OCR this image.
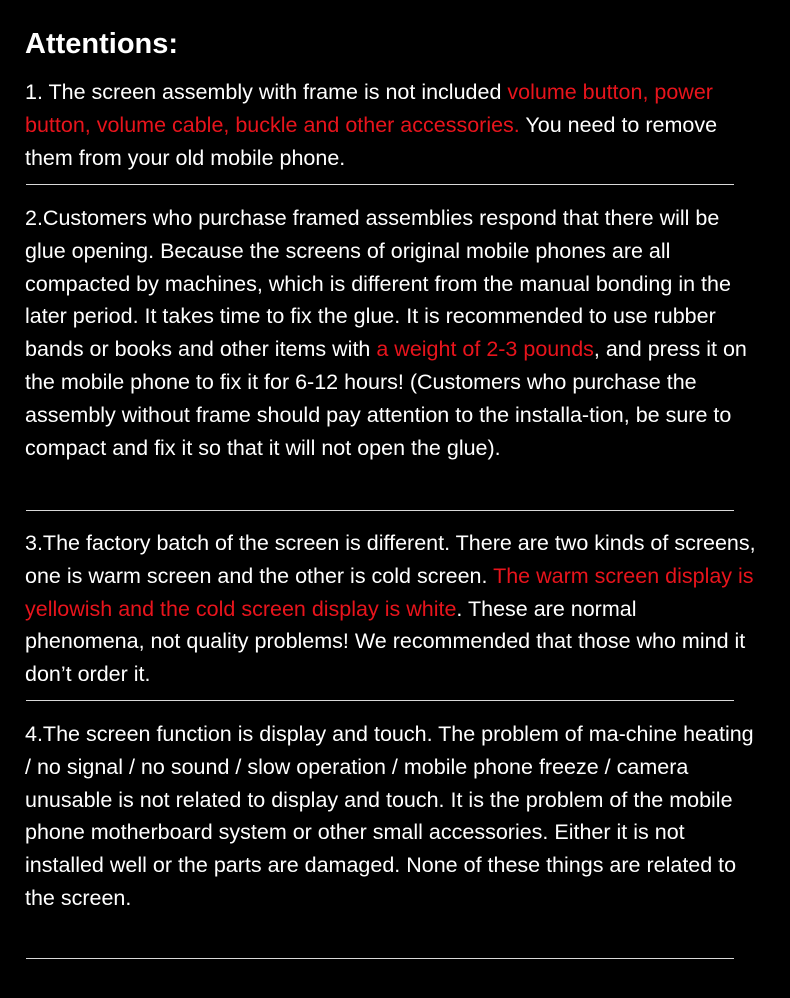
Attentions:

1. The screen assembly with frame is not included volume button, power button, volume cable, buckle and other accessories. You need to remove them from your old mobile phone.

2.Customers who purchase framed assemblies respond that there will be glue opening. Because the screens of original mobile phones are all compacted by machines, which is different from the manual bonding in the later period. It takes time to fix the glue. It is recommended to use rubber bands or books and other items with a weight of 2-3 pounds, and press it on the mobile phone to fix it for 6-12 hours! (Customers who purchase the assembly without frame should pay attention to the installa-tion, be sure to compact and fix it so that it will not open the glue).

3.The factory batch of the screen is different. There are two kinds of screens, one is warm screen and the other is cold screen. The warm screen display is yellowish and the cold screen display is white. These are normal phenomena, not quality problems! We recommended that those who mind it don’t order it.

4.The screen function is display and touch. The problem of ma-chine heating / no signal / no sound / slow operation / mobile phone freeze / camera unusable is not related to display and touch. It is the problem of the mobile phone motherboard system or other small accessories. Either it is not installed well or the parts are damaged. None of these things are related to the screen.
